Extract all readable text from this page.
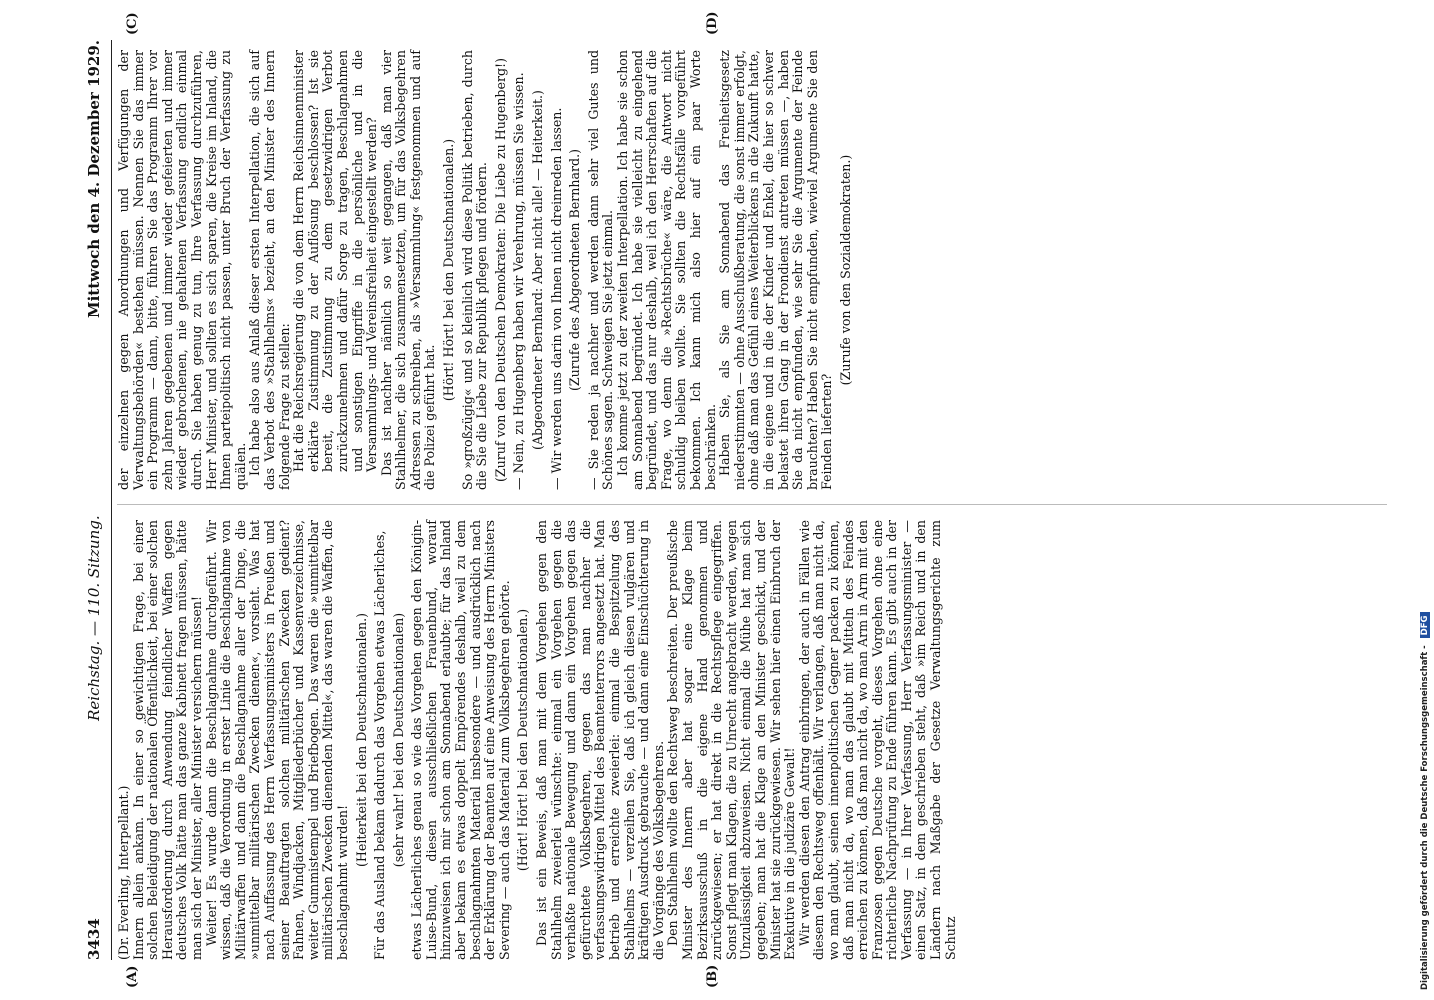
3434
Reichstag. — 110. Sitzung.
Mittwoch den 4. Dezember 1929.

(Dr. Everling, Interpellant.) Innern allein ankam. In einer so gewichtigen Frage, bei einer solchen Beleidigung der nationalen Öffentlichkeit, bei einer solchen Herausforderung durch Anwendung feindlicher Waffen gegen deutsches Volk hätte man das ganze Kabinett fragen müssen, hätte man sich der Minister, aller Minister versichern müssen! Weiter! Es wurde dann die Beschlagnahme durchgeführt. Wir wissen, daß die Verordnung in erster Linie die Beschlagnahme von Militärwaffen und dann die Beschlagnahme aller der Dinge, die »unmittelbar militärischen Zwecken dienen«, vorsieht. Was hat nach Auffassung des Herrn Verfassungsministers in Preußen und seiner Beauftragten solchen militärischen Zwecken gedient? Fahnen, Windjacken, Mitgliederbücher und Kassenverzeichnisse, weiter Gummistempel und Briefbogen. Das waren die »unmittelbar militärischen Zwecken dienenden Mittel«, das waren die Waffen, die beschlagnahmt wurden!

(Heiterkeit bei den Deutschnationalen.) Für das Ausland bekam dadurch das Vorgehen etwas Lächerliches, (sehr wahr! bei den Deutschnationalen) etwas Lächerliches genau so wie das Vorgehen gegen den Königin-Luise-Bund, diesen ausschließlichen Frauenbund, worauf hinzuweisen ich mir schon am Sonnabend erlaubte; für das Inland aber bekam es etwas doppelt Empörendes deshalb, weil zu dem beschlagnahmten Material insbesondere — und ausdrücklich nach der Erklärung der Beamten auf eine Anweisung des Herrn Ministers Severing — auch das Material zum Volksbegehren gehörte. (Hört! Hört! bei den Deutschnationalen.) Das ist ein Beweis, daß man mit dem Vorgehen gegen den Stahlhelm zweierlei wünschte: einmal ein Vorgehen gegen die verhaßte nationale Bewegung und dann ein Vorgehen gegen das gefürchtete Volksbegehren, gegen das man nachher die verfassungswidrigen Mittel des Beamtenterrors angesetzt hat. Man betrieb und erreichte zweierlei: einmal die Bespitzelung des Stahlhelms — verzeihen Sie, daß ich gleich diesen vulgären und kräftigen Ausdruck gebrauche — und dann eine Einschüchterung in die Vorgänge des Volksbegehrens. Den Stahlhelm wollte den Rechtsweg beschreiten. Der preußische Minister des Innern aber hat sogar eine Klage beim Bezirksausschuß in die eigene Hand genommen und zurückgewiesen; er hat direkt in die Rechtspflege eingegriffen. Sonst pflegt man Klagen, die zu Unrecht angebracht werden, wegen Unzulässigkeit abzuweisen. Nicht einmal die Mühe hat man sich gegeben; man hat die Klage an den Minister geschickt, und der Minister hat sie zurückgewiesen. Wir sehen hier einen Einbruch der Exekutive in die judizäre Gewalt! Wir werden diesen den Antrag einbringen, der auch in Fällen wie diesem den Rechtsweg offenhält. Wir verlangen, daß man nicht da, wo man glaubt, seinen innenpolitischen Gegner packen zu können, daß man nicht da, wo man das glaubt mit Mitteln des Feindes erreichen zu können, daß man nicht da, wo man Arm in Arm mit den Franzosen gegen Deutsche vorgeht, dieses Vorgehen ohne eine richterliche Nachprüfung zu Ende führen kann. Es gibt auch in der Verfassung — in Ihrer Verfassung, Herr Verfassungsminister — einen Satz, in dem geschrieben steht, daß »im Reich und in den Ländern nach Maßgabe der Gesetze Verwaltungsgerichte zum Schutz

der einzelnen gegen Anordnungen und Verfügungen der Verwaltungsbehörden« bestehen müssen. Nennen Sie das immer ein Programm — dann, bitte, führen Sie das Programm Ihrer vor zehn Jahren gegebenen und immer wieder gefeierten und immer wieder gebrochenen, nie gehaltenen Verfassung endlich einmal durch. Sie haben genug zu tun, Ihre Verfassung durchzuführen, Herr Minister, und sollten es sich sparen, die Kreise im Inland, die Ihnen parteipolitisch nicht passen, unter Bruch der Verfassung zu quälen. Ich habe also aus Anlaß dieser ersten Interpellation, die sich auf das Verbot des »Stahlhelms« bezieht, an den Minister des Innern folgende Frage zu stellen: Hat die Reichsregierung die von dem Herrn Reichsinnenminister erklärte Zustimmung zu der Auflösung beschlossen? Ist sie bereit, die Zustimmung zu dem gesetzwidrigen Verbot zurückzunehmen und dafür Sorge zu tragen, Beschlagnahmen und sonstigen Eingriffe in die persönliche und in die Versammlungs- und Vereinsfreiheit eingestellt werden? Das ist nachher nämlich so weit gegangen, daß man vier Stahlhelmer, die sich zusammensetzten, um für das Volksbegehren Adressen zu schreiben, als »Versammlung« festgenommen und auf die Polizei geführt hat.

(Hört! Hört! bei den Deutschnationalen.) So »großzügig« und so kleinlich wird diese Politik betrieben, durch die Sie die Liebe zur Republik pflegen und fördern. (Zuruf von den Deutschen Demokraten: Die Liebe zu Hugenberg!) — Nein, zu Hugenberg haben wir Verehrung, müssen Sie wissen. (Abgeordneter Bernhard: Aber nicht alle! — Heiterkeit.) — Wir werden uns darin von Ihnen nicht dreinreden lassen. (Zurufe des Abgeordneten Bernhard.) — Sie reden ja nachher und werden dann sehr viel Gutes und Schönes sagen. Schweigen Sie jetzt einmal. Ich komme jetzt zu der zweiten Interpellation. Ich habe sie schon am Sonnabend begründet. Ich habe sie vielleicht zu eingehend begründet, und das nur deshalb, weil ich den Herrschaften auf die Frage, wo denn die »Rechtsbrüche« wäre, die Antwort nicht schuldig bleiben wollte. Sie sollten die Rechtsfälle vorgeführt bekommen. Ich kann mich also hier auf ein paar Worte beschränken. Haben Sie, als Sie am Sonnabend das Freiheitsgesetz niederstimmten — ohne Ausschußberatung, die sonst immer erfolgt, ohne daß man das Gefühl eines Weiterblickens in die Zukunft hatte, in die eigene und in die der Kinder und Enkel, die hier so schwer belastet ihren Gang in der Frondienst antreten müssen —, haben Sie da nicht empfunden, wie sehr Sie die Argumente der Feinde brauchten? Haben Sie nicht empfunden, wieviel Argumente Sie den Feinden lieferten?

(Zurufe von den Sozialdemokraten.)

(A)	(B)
(C)	(D)
Digitalisierung gefördert durch die Deutsche Forschungsgemeinschaft - DFG
